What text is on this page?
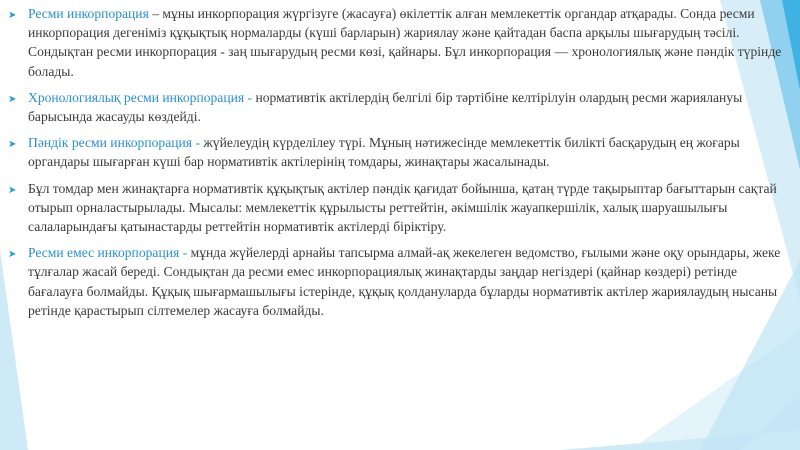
➤ Ресми инкорпорация – мұны инкорпорация жүргізуге (жасауға) өкілеттік алған мемлекеттік органдар атқарады. Сонда ресми инкорпорация дегеніміз құқықтық нормаларды (күші барларын) жариялау және қайтадан баспа арқылы шығарудың тәсілі. Сондықтан ресми инкорпорация - заң шығарудың ресми көзі, қайнары. Бұл инкорпорация — хронологиялық және пәндік түрінде болады.

➤ Хронологиялық ресми инкорпорация - нормативтік актілердің белгілі бір тәртібіне келтірілуін олардың ресми жариялануы барысында жасауды көздейді.

➤ Пәндік ресми инкорпорация - жүйелеудің күрделілеу түрі. Мұның нәтижесінде мемлекеттік билікті басқарудың ең жоғары органдары шығарған күші бар нормативтік актілерінің томдары, жинақтары жасалынады.

➤ Бұл томдар мен жинақтарға нормативтік құқықтық актілер пәндік қағидат бойынша, қатаң түрде тақырыптар бағыттарын сақтай отырып орналастырылады. Мысалы: мемлекеттік құрылысты реттейтін, әкімшілік жауапкершілік, халық шаруашылығы салаларындағы қатынастарды реттейтін нормативтік актілерді біріктіру.

➤ Ресми емес инкорпорация - мұнда жүйелерді арнайы тапсырма алмай-ақ жекелеген ведомство, ғылыми және оқу орындары, жеке тұлғалар жасай береді. Сондықтан да ресми емес инкорпорациялық жинақтарды заңдар негіздері (қайнар көздері) ретінде бағалауға болмайды. Құқық шығармашылығы істерінде, құқық қолдануларда бұларды нормативтік актілер жариялаудың нысаны ретінде қарастырып сілтемелер жасауға болмайды.
